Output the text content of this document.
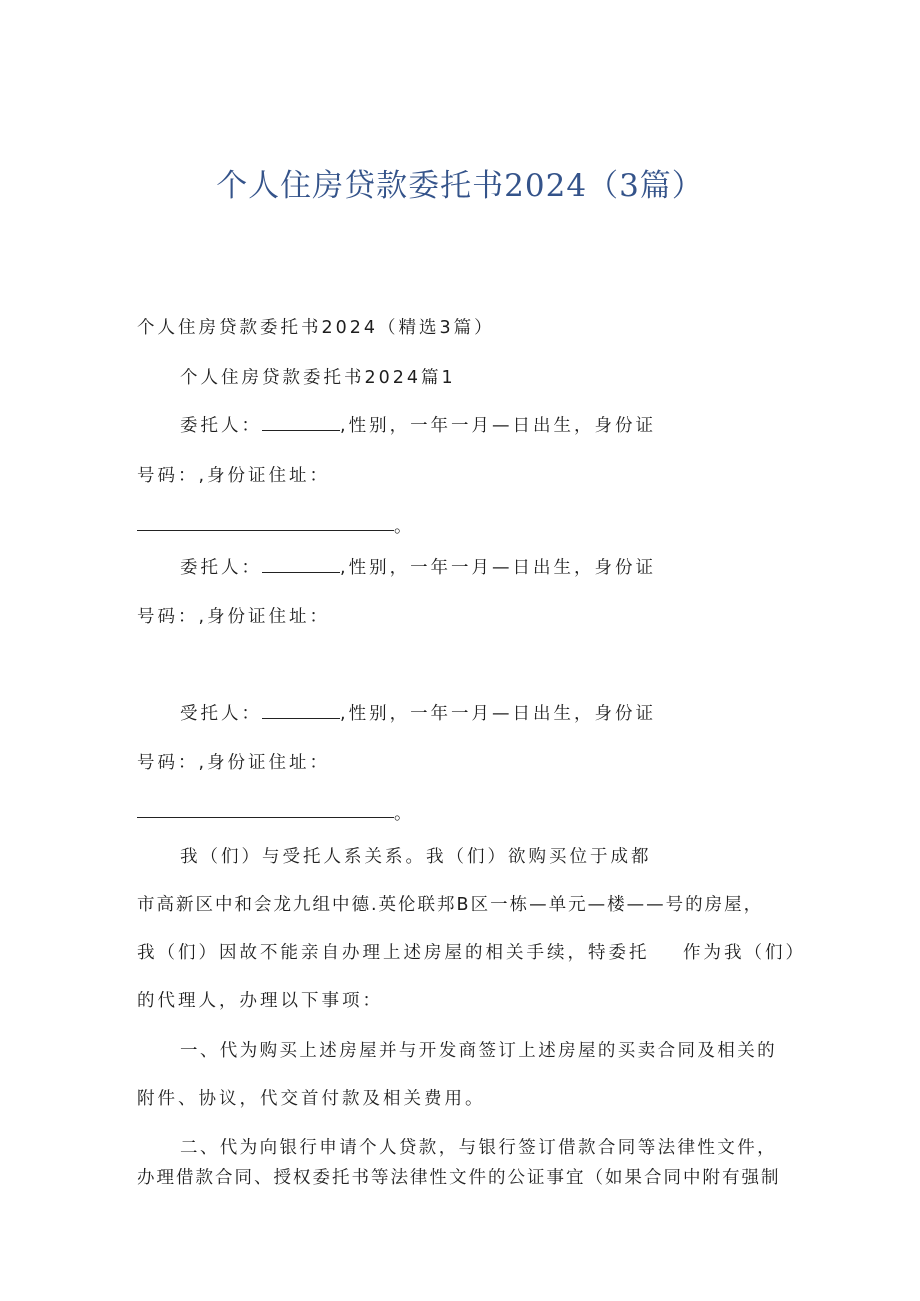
个人住房贷款委托书2024（3篇）
个人住房贷款委托书2024（精选3篇）
个人住房贷款委托书2024篇1
委托人：	,性别，一年一月—日出生，身份证
号码：,身份证住址：
。
委托人：	,性别，一年一月—日出生，身份证
号码：,身份证住址：
受托人：	,性别，一年一月—日出生，身份证
号码：,身份证住址：
。
我（们）与受托人系关系。我（们）欲购买位于成都
市高新区中和会龙九组中德.英伦联邦B区一栋—单元—楼——号的房屋，
我（们）因故不能亲自办理上述房屋的相关手续，特委托 作为我（们）
的代理人，办理以下事项：
一、代为购买上述房屋并与开发商签订上述房屋的买卖合同及相关的
附件、协议，代交首付款及相关费用。
二、代为向银行申请个人贷款，与银行签订借款合同等法律性文件，
办理借款合同、授权委托书等法律性文件的公证事宜（如果合同中附有强制
